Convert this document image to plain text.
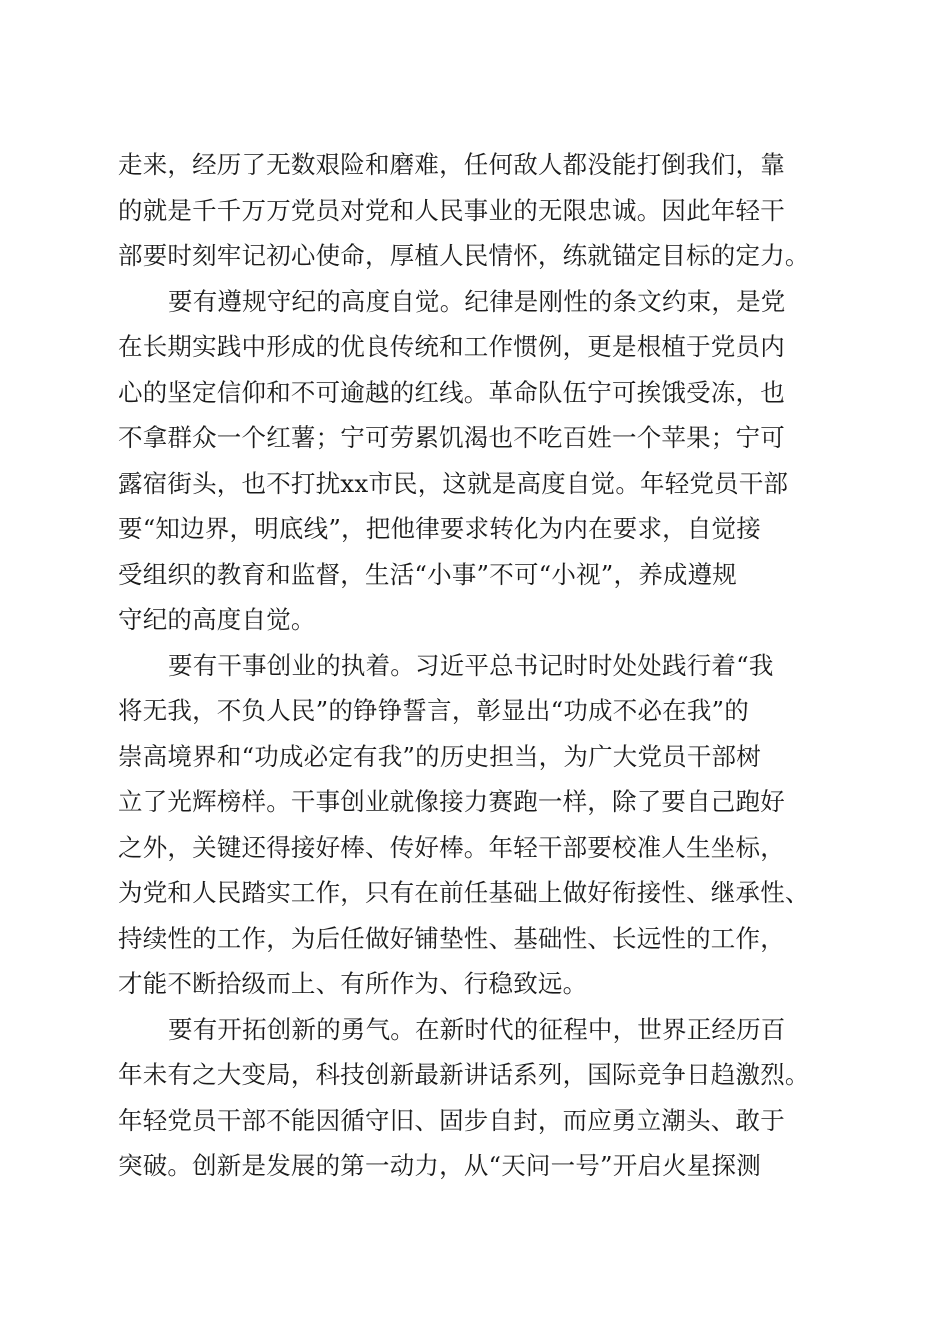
走来，经历了无数艰险和磨难，任何敌人都没能打倒我们，靠
的就是千千万万党员对党和人民事业的无限忠诚。因此年轻干
部要时刻牢记初心使命，厚植人民情怀，练就锚定目标的定力。
要有遵规守纪的高度自觉。纪律是刚性的条文约束，是党
在长期实践中形成的优良传统和工作惯例，更是根植于党员内
心的坚定信仰和不可逾越的红线。革命队伍宁可挨饿受冻，也
不拿群众一个红薯；宁可劳累饥渴也不吃百姓一个苹果；宁可
露宿街头，也不打扰xx市民，这就是高度自觉。年轻党员干部
要“知边界，明底线”，把他律要求转化为内在要求，自觉接
受组织的教育和监督，生活“小事”不可“小视”，养成遵规
守纪的高度自觉。
要有干事创业的执着。习近平总书记时时处处践行着“我
将无我，不负人民”的铮铮誓言，彰显出“功成不必在我”的
崇高境界和“功成必定有我”的历史担当，为广大党员干部树
立了光辉榜样。干事创业就像接力赛跑一样，除了要自己跑好
之外，关键还得接好棒、传好棒。年轻干部要校准人生坐标，
为党和人民踏实工作，只有在前任基础上做好衔接性、继承性、
持续性的工作，为后任做好铺垫性、基础性、长远性的工作，
才能不断拾级而上、有所作为、行稳致远。
要有开拓创新的勇气。在新时代的征程中，世界正经历百
年未有之大变局，科技创新最新讲话系列，国际竞争日趋激烈。
年轻党员干部不能因循守旧、固步自封，而应勇立潮头、敢于
突破。创新是发展的第一动力，从“天问一号”开启火星探测
